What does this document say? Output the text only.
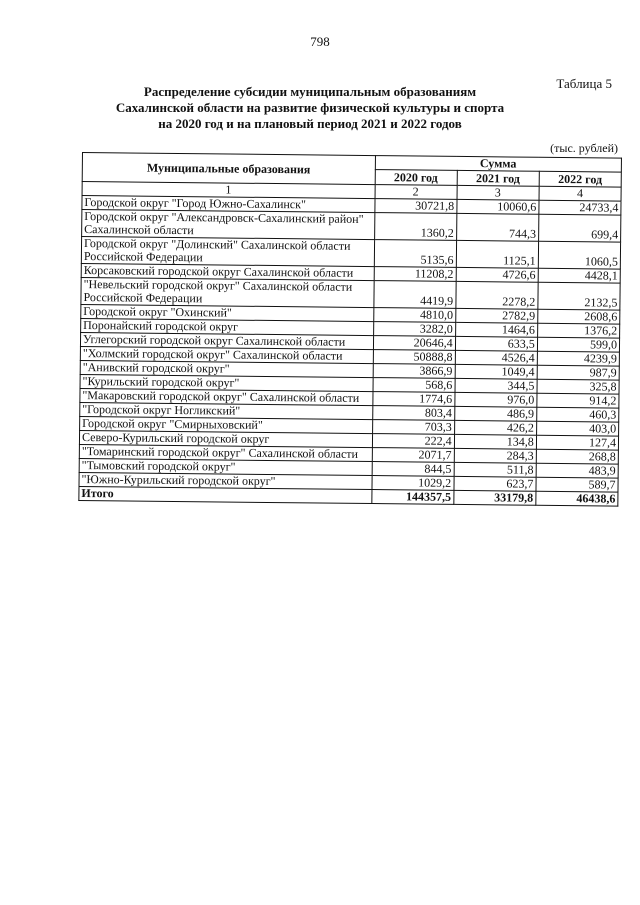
798
Таблица 5
Распределение субсидии муниципальным образованиям Сахалинской области на развитие физической культуры и спорта на 2020 год и на плановый период 2021 и 2022 годов
(тыс. рублей)
Муниципальные образования	Сумма		
	2020 год	2021 год	2022 год
1	2	3	4
Городской округ "Город Южно-Сахалинск"	30721,8	10060,6	24733,4
Городской округ "Александровск-Сахалинский район" Сахалинской области	1360,2	744,3	699,4
Городской округ "Долинский" Сахалинской области Российской Федерации	5135,6	1125,1	1060,5
Корсаковский городской округ Сахалинской области	11208,2	4726,6	4428,1
"Невельский городской округ" Сахалинской области Российской Федерации	4419,9	2278,2	2132,5
Городской округ "Охинский"	4810,0	2782,9	2608,6
Поронайский городской округ	3282,0	1464,6	1376,2
Углегорский городской округ Сахалинской области	20646,4	633,5	599,0
"Холмский городской округ" Сахалинской области	50888,8	4526,4	4239,9
"Анивский городской округ"	3866,9	1049,4	987,9
"Курильский городской округ"	568,6	344,5	325,8
"Макаровский городской округ" Сахалинской области	1774,6	976,0	914,2
"Городской округ Ногликский"	803,4	486,9	460,3
Городской округ "Смирныховский"	703,3	426,2	403,0
Северо-Курильский городской округ	222,4	134,8	127,4
"Томаринский городской округ" Сахалинской области	2071,7	284,3	268,8
"Тымовский городской округ"	844,5	511,8	483,9
"Южно-Курильский городской округ"	1029,2	623,7	589,7
Итого	144357,5	33179,8	46438,6
